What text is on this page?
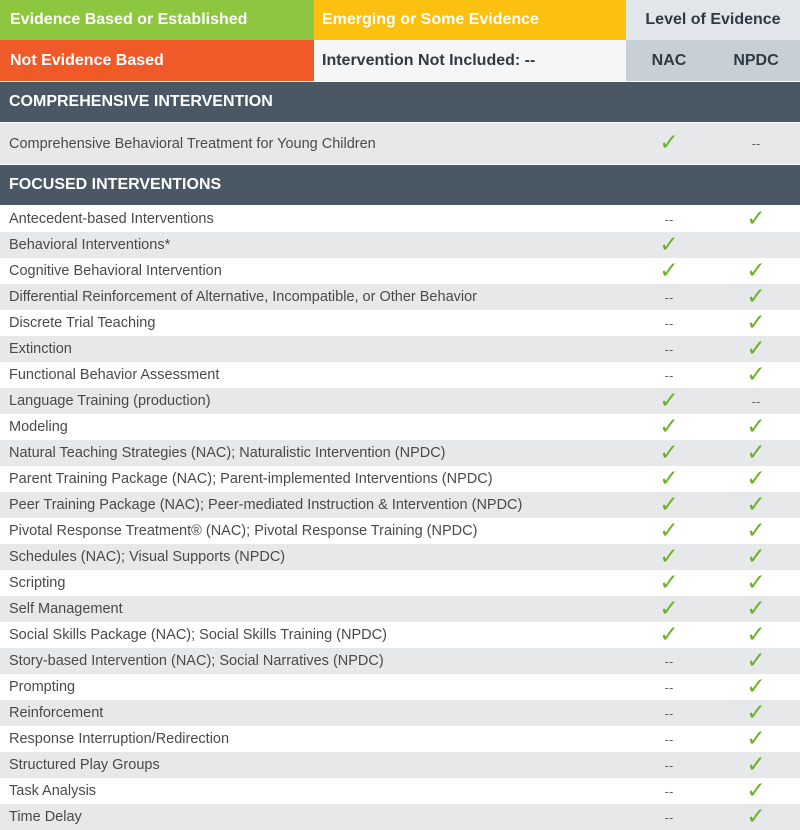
Evidence Based or Established	Emerging or Some Evidence	Level of Evidence
Not Evidence Based	Intervention Not Included: --	NAC	NPDC
COMPREHENSIVE INTERVENTION
Comprehensive Behavioral Treatment for Young Children	✓	--
FOCUSED INTERVENTIONS
Antecedent-based Interventions	--	✓
Behavioral Interventions*	✓
Cognitive Behavioral Intervention	✓	✓
Differential Reinforcement of Alternative, Incompatible, or Other Behavior	--	✓
Discrete Trial Teaching	--	✓
Extinction	--	✓
Functional Behavior Assessment	--	✓
Language Training (production)	✓	--
Modeling	✓	✓
Natural Teaching Strategies (NAC); Naturalistic Intervention (NPDC)	✓	✓
Parent Training Package (NAC); Parent-implemented Interventions (NPDC)	✓	✓
Peer Training Package (NAC); Peer-mediated Instruction & Intervention (NPDC)	✓	✓
Pivotal Response Treatment® (NAC); Pivotal Response Training (NPDC)	✓	✓
Schedules (NAC); Visual Supports (NPDC)	✓	✓
Scripting	✓	✓
Self Management	✓	✓
Social Skills Package (NAC); Social Skills Training (NPDC)	✓	✓
Story-based Intervention (NAC); Social Narratives (NPDC)	--	✓
Prompting	--	✓
Reinforcement	--	✓
Response Interruption/Redirection	--	✓
Structured Play Groups	--	✓
Task Analysis	--	✓
Time Delay	--	✓
